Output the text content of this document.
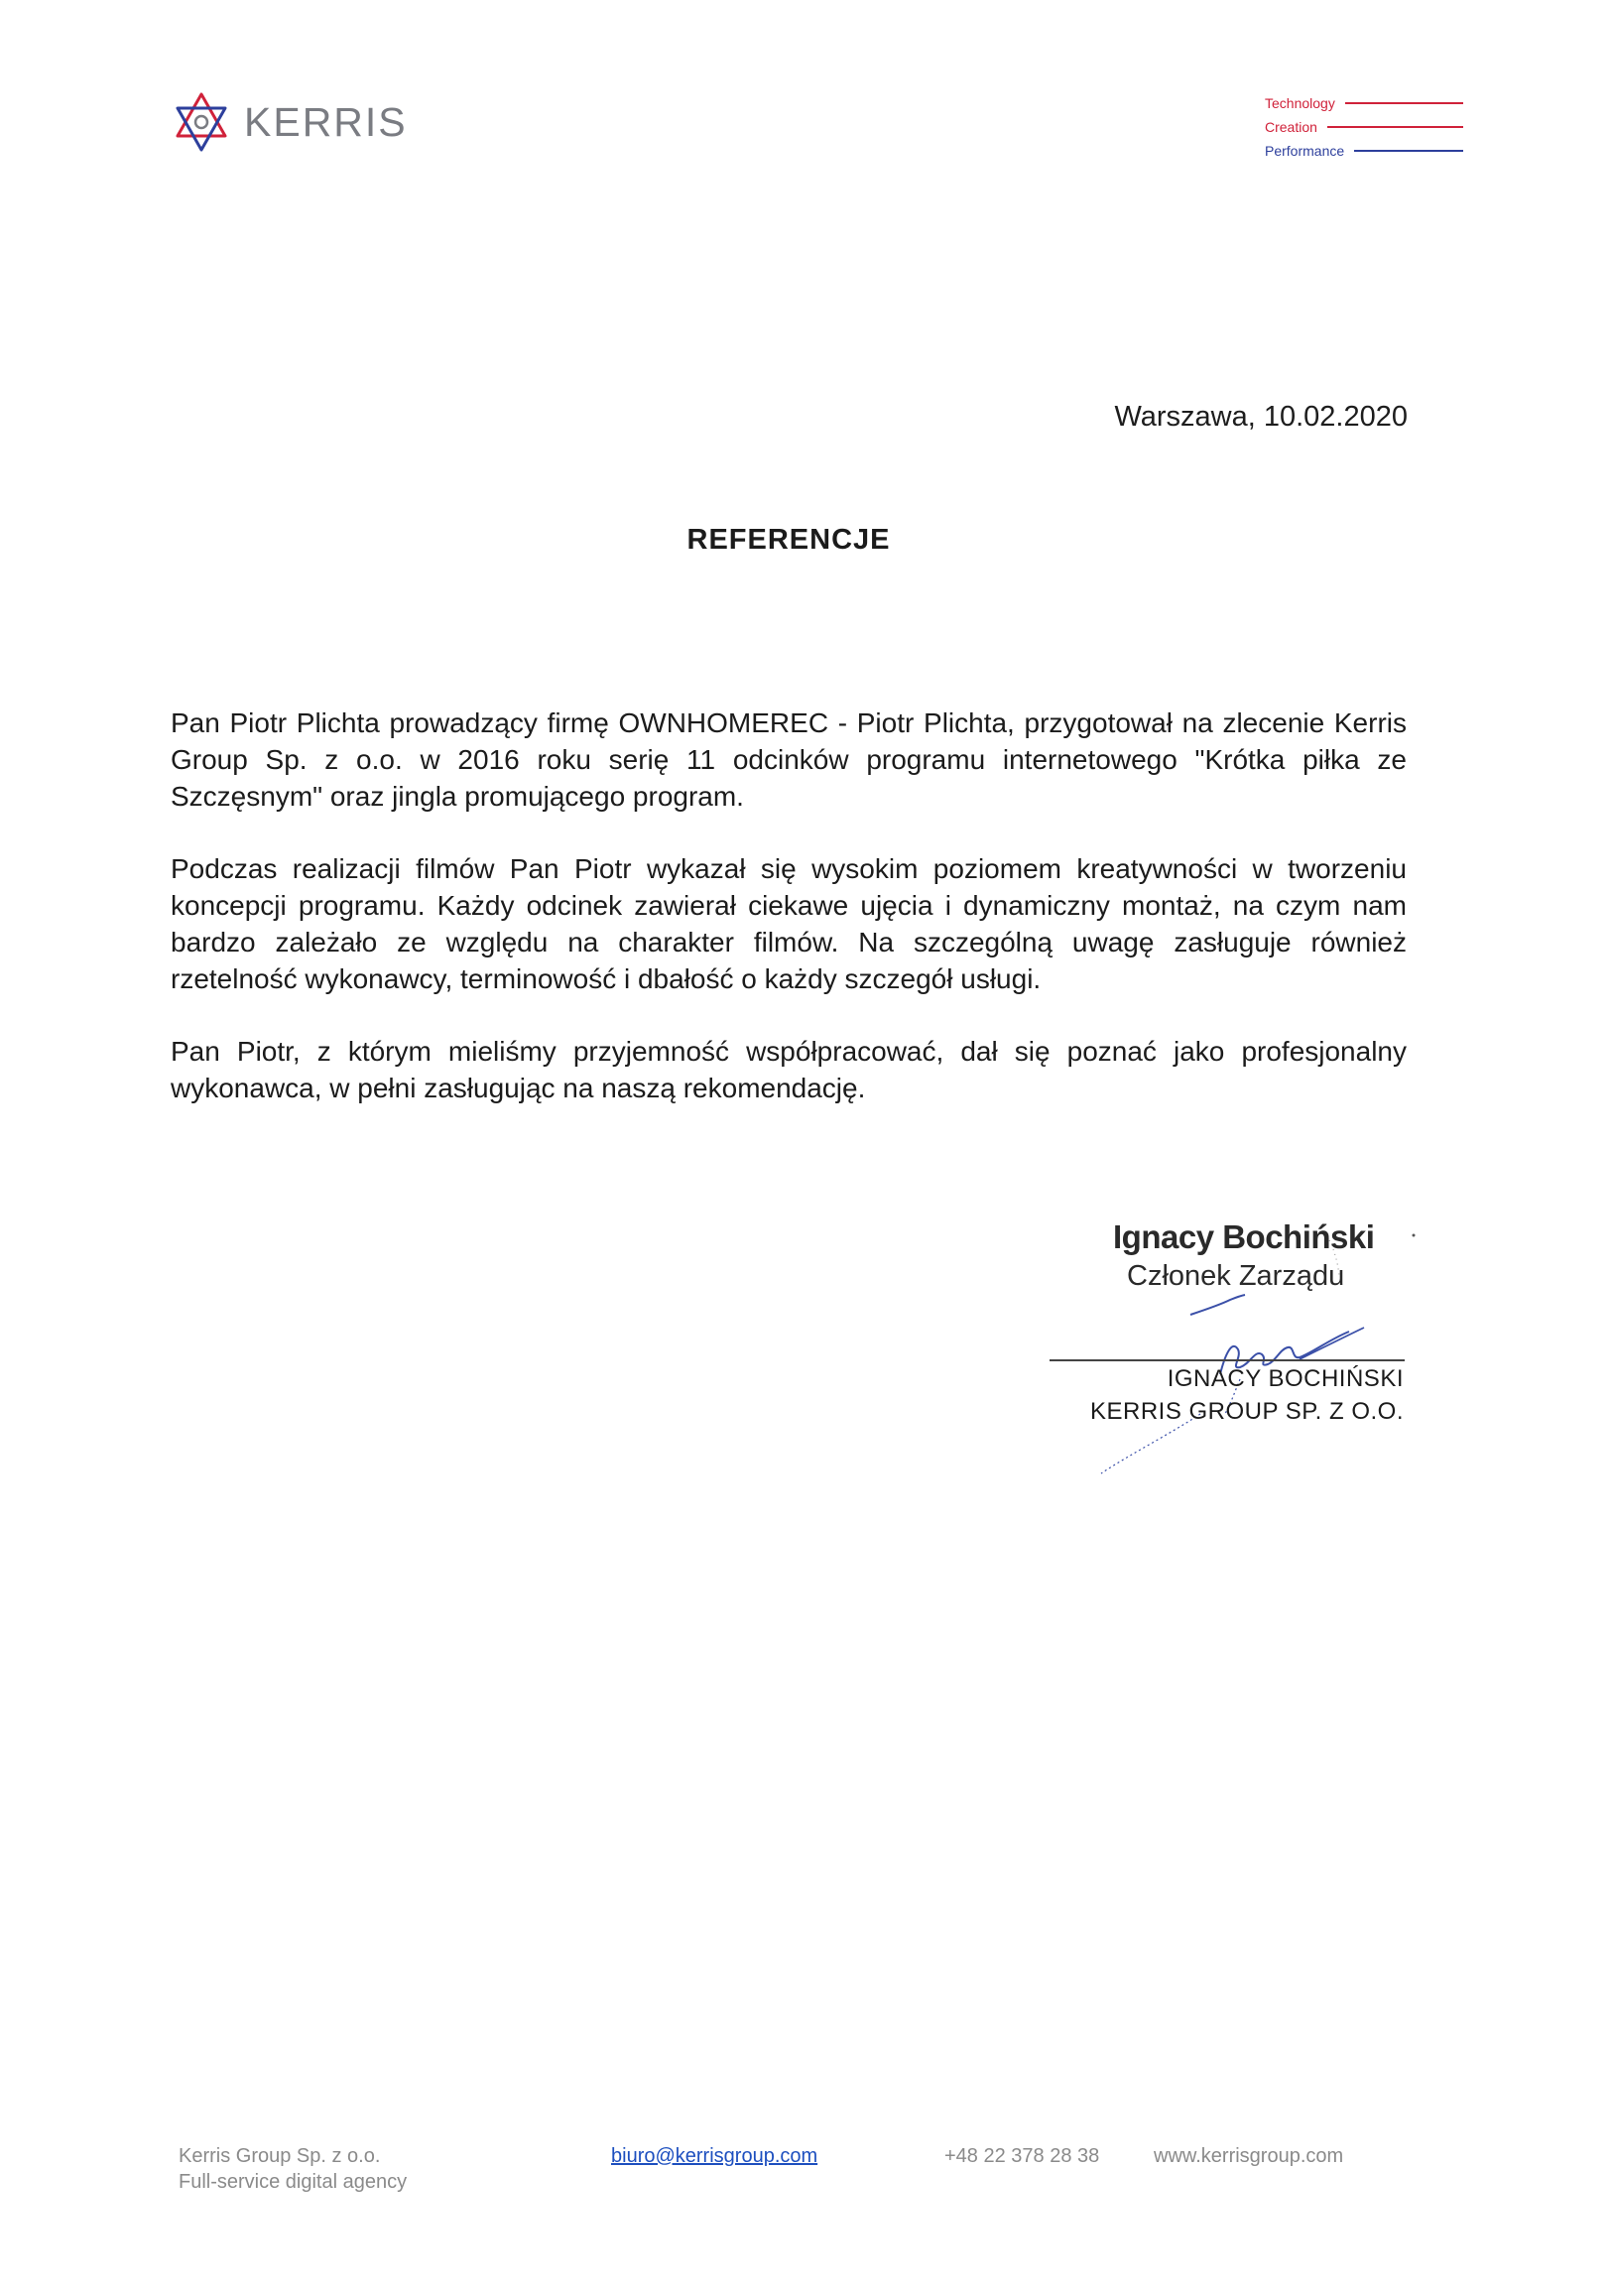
KERRIS	Technology
Creation
Performance
Warszawa, 10.02.2020
REFERENCJE

Pan Piotr Plichta prowadzący firmę OWNHOMEREC - Piotr Plichta, przygotował na zlecenie Kerris Group Sp. z o.o. w 2016 roku serię 11 odcinków programu internetowego "Krótka piłka ze Szczęsnym" oraz jingla promującego program.

Podczas realizacji filmów Pan Piotr wykazał się wysokim poziomem kreatywności w tworzeniu koncepcji programu. Każdy odcinek zawierał ciekawe ujęcia i dynamiczny montaż, na czym nam bardzo zależało ze względu na charakter filmów. Na szczególną uwagę zasługuje również rzetelność wykonawcy, terminowość i dbałość o każdy szczegół usługi.

Pan Piotr, z którym mieliśmy przyjemność współpracować, dał się poznać jako profesjonalny wykonawca, w pełni zasługując na naszą rekomendację.

Ignacy Bochiński
Członek Zarządu
IGNACY BOCHIŃSKI
KERRIS GROUP SP. Z O.O.
Kerris Group Sp. z o.o.
Full-service digital agency
biuro@kerrisgroup.com	+48 22 378 28 38	www.kerrisgroup.com
